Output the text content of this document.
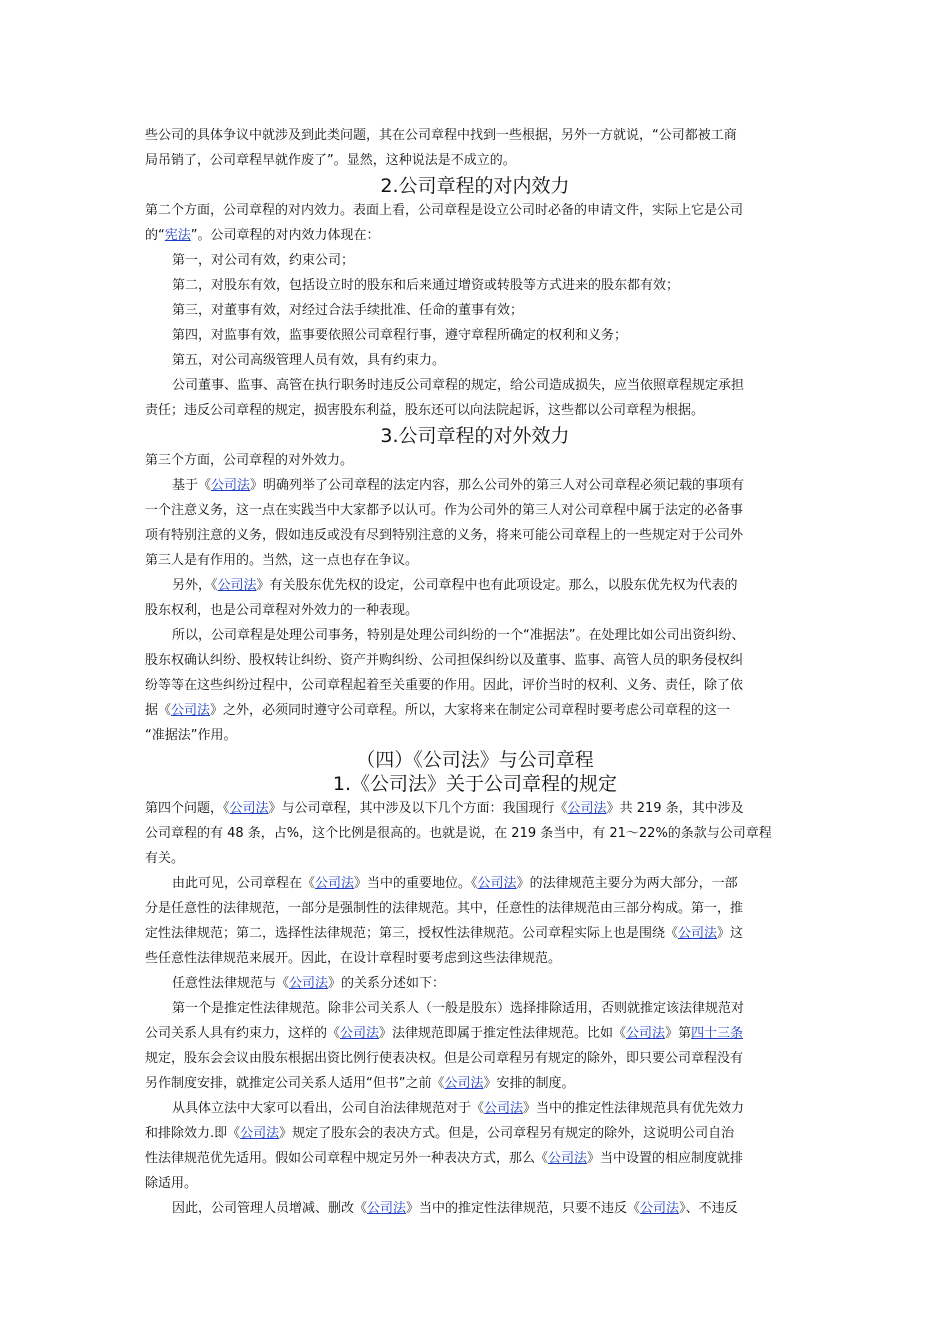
些公司的具体争议中就涉及到此类问题，其在公司章程中找到一些根据，另外一方就说，“公司都被工商
局吊销了，公司章程早就作废了”。显然，这种说法是不成立的。
2.公司章程的对内效力
第二个方面，公司章程的对内效力。表面上看，公司章程是设立公司时必备的申请文件，实际上它是公司
的“宪法”。公司章程的对内效力体现在：
第一，对公司有效，约束公司；
第二，对股东有效，包括设立时的股东和后来通过增资或转股等方式进来的股东都有效；
第三，对董事有效，对经过合法手续批准、任命的董事有效；
第四，对监事有效，监事要依照公司章程行事，遵守章程所确定的权利和义务；
第五，对公司高级管理人员有效，具有约束力。
公司董事、监事、高管在执行职务时违反公司章程的规定，给公司造成损失，应当依照章程规定承担
责任；违反公司章程的规定，损害股东利益，股东还可以向法院起诉，这些都以公司章程为根据。
3.公司章程的对外效力
第三个方面，公司章程的对外效力。
基于《公司法》明确列举了公司章程的法定内容，那么公司外的第三人对公司章程必须记载的事项有
一个注意义务，这一点在实践当中大家都予以认可。作为公司外的第三人对公司章程中属于法定的必备事
项有特别注意的义务，假如违反或没有尽到特别注意的义务，将来可能公司章程上的一些规定对于公司外
第三人是有作用的。当然，这一点也存在争议。
另外，《公司法》有关股东优先权的设定，公司章程中也有此项设定。那么，以股东优先权为代表的
股东权利，也是公司章程对外效力的一种表现。
所以，公司章程是处理公司事务，特别是处理公司纠纷的一个“准据法”。在处理比如公司出资纠纷、
股东权确认纠纷、股权转让纠纷、资产并购纠纷、公司担保纠纷以及董事、监事、高管人员的职务侵权纠
纷等等在这些纠纷过程中，公司章程起着至关重要的作用。因此，评价当时的权利、义务、责任，除了依
据《公司法》之外，必须同时遵守公司章程。所以，大家将来在制定公司章程时要考虑公司章程的这一
“准据法”作用。
（四）《公司法》与公司章程
1.《公司法》关于公司章程的规定
第四个问题，《公司法》与公司章程，其中涉及以下几个方面：我国现行《公司法》共 219 条，其中涉及
公司章程的有 48 条，占%，这个比例是很高的。也就是说，在 219 条当中，有 21～22%的条款与公司章程
有关。
由此可见，公司章程在《公司法》当中的重要地位。《公司法》的法律规范主要分为两大部分，一部
分是任意性的法律规范，一部分是强制性的法律规范。其中，任意性的法律规范由三部分构成。第一，推
定性法律规范；第二，选择性法律规范；第三，授权性法律规范。公司章程实际上也是围绕《公司法》这
些任意性法律规范来展开。因此，在设计章程时要考虑到这些法律规范。
任意性法律规范与《公司法》的关系分述如下：
第一个是推定性法律规范。除非公司关系人（一般是股东）选择排除适用，否则就推定该法律规范对
公司关系人具有约束力，这样的《公司法》法律规范即属于推定性法律规范。比如《公司法》第四十三条
规定，股东会会议由股东根据出资比例行使表决权。但是公司章程另有规定的除外，即只要公司章程没有
另作制度安排，就推定公司关系人适用“但书”之前《公司法》安排的制度。
从具体立法中大家可以看出，公司自治法律规范对于《公司法》当中的推定性法律规范具有优先效力
和排除效力.即《公司法》规定了股东会的表决方式。但是，公司章程另有规定的除外，这说明公司自治
性法律规范优先适用。假如公司章程中规定另外一种表决方式，那么《公司法》当中设置的相应制度就排
除适用。
因此，公司管理人员增减、删改《公司法》当中的推定性法律规范，只要不违反《公司法》、不违反
